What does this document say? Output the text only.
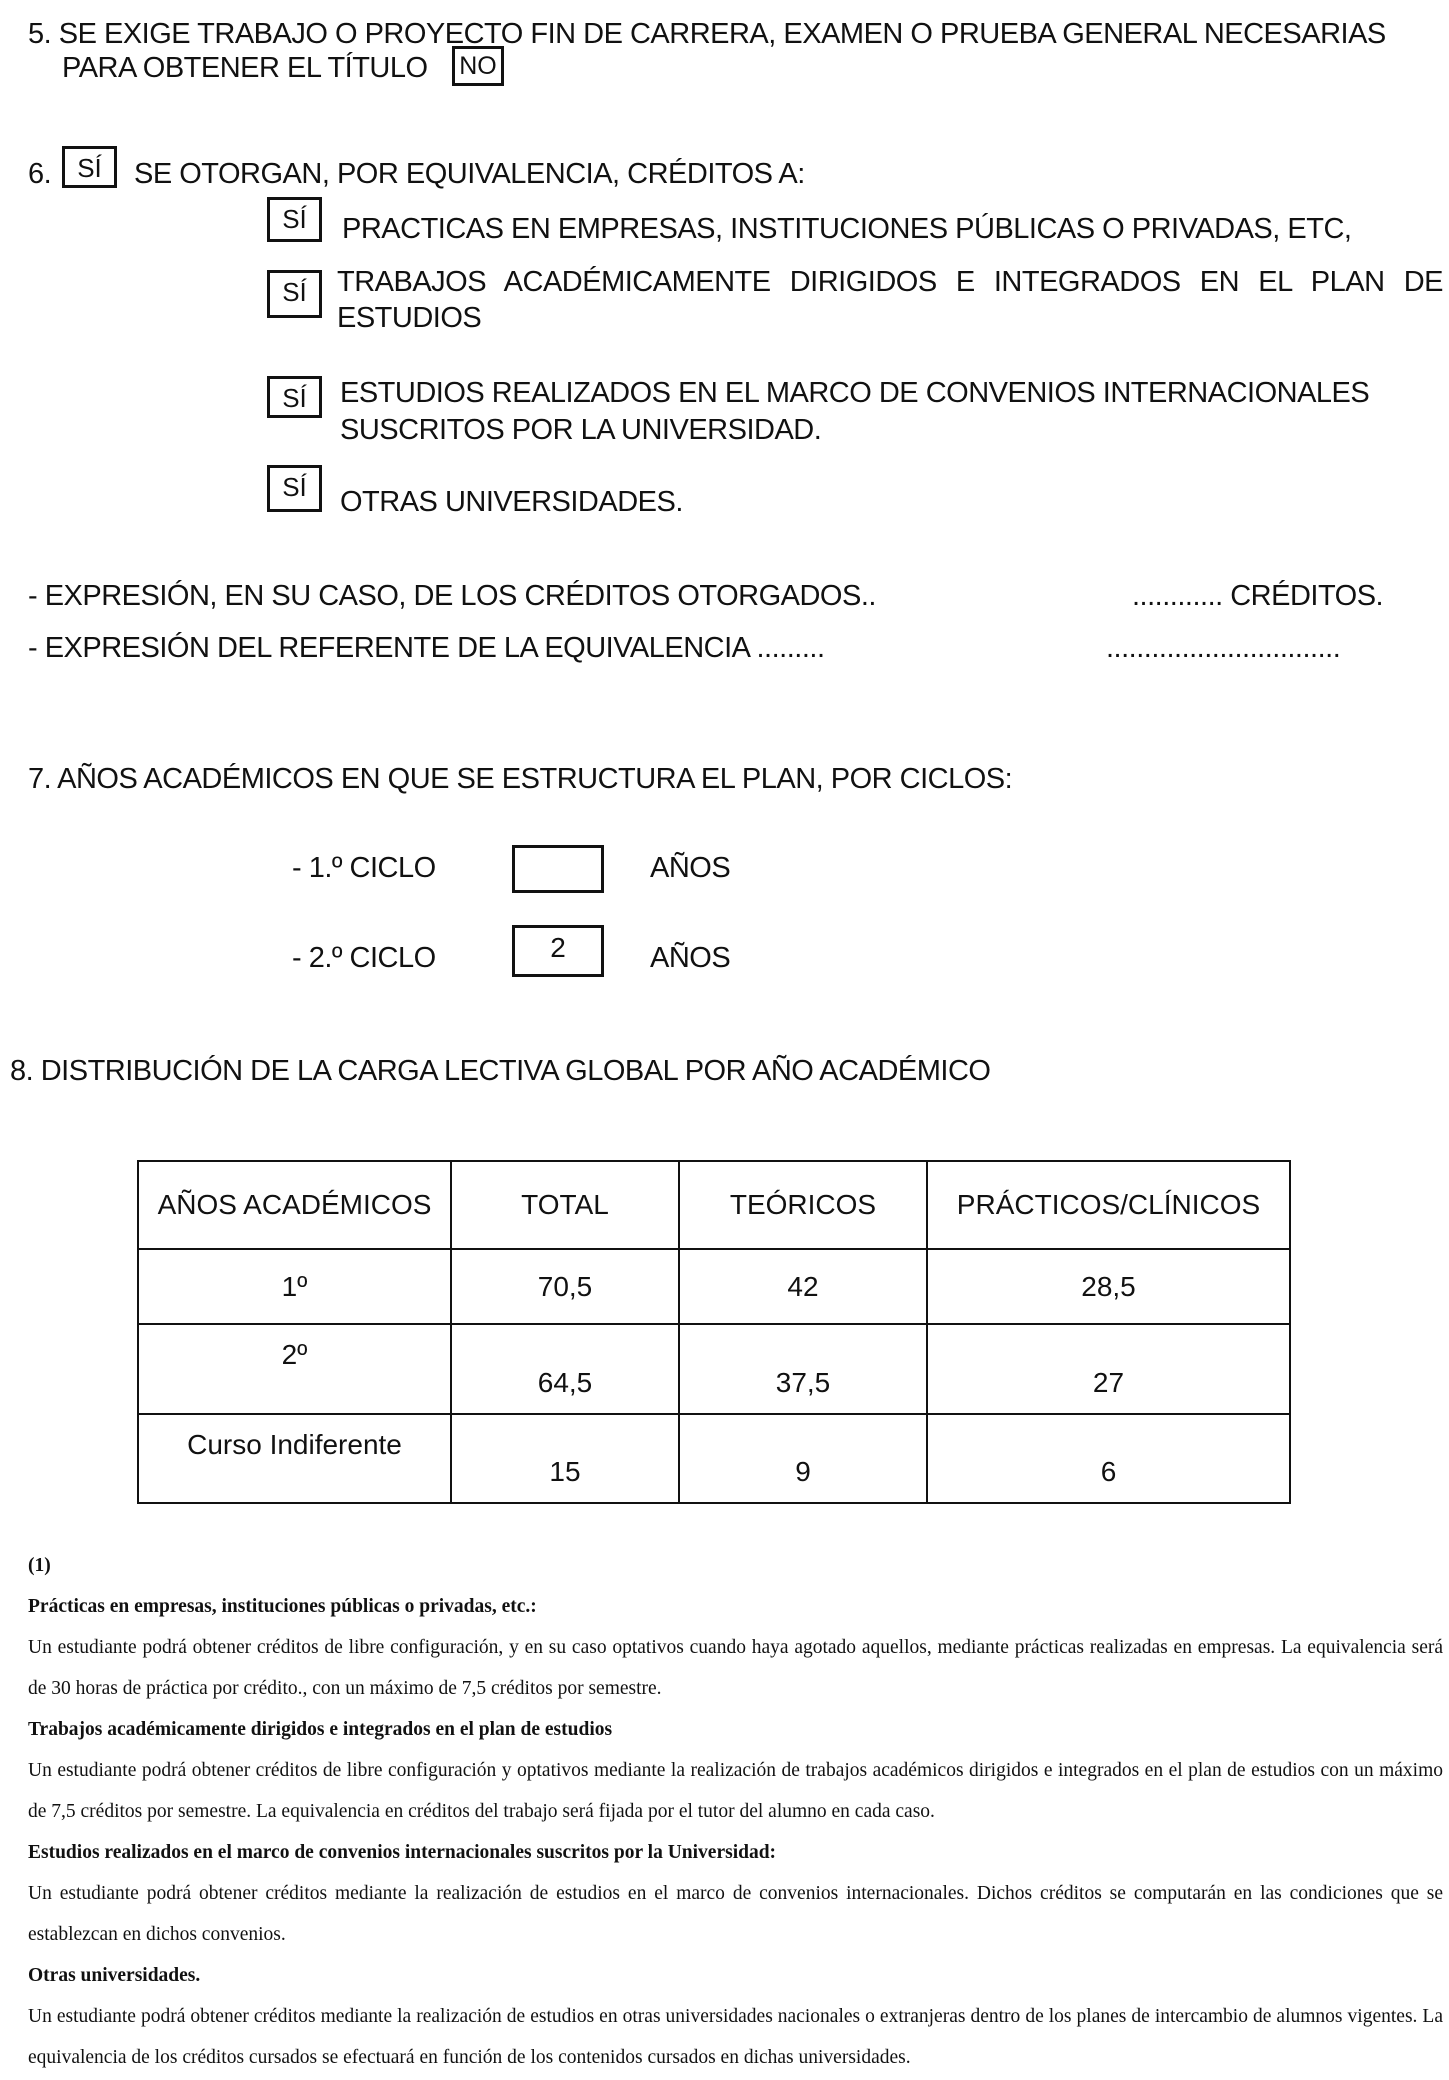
5. SE EXIGE TRABAJO O PROYECTO FIN DE CARRERA, EXAMEN O PRUEBA GENERAL NECESARIAS
PARA OBTENER EL TÍTULO NO
6.	SÍ	SE OTORGAN, POR EQUIVALENCIA, CRÉDITOS A:
SÍ	PRACTICAS EN EMPRESAS, INSTITUCIONES PÚBLICAS O PRIVADAS, ETC,
SÍ	TRABAJOS ACADÉMICAMENTE DIRIGIDOS E INTEGRADOS EN EL PLAN DE
ESTUDIOS
SÍ	ESTUDIOS REALIZADOS EN EL MARCO DE CONVENIOS INTERNACIONALES
SUSCRITOS POR LA UNIVERSIDAD.
SÍ	OTRAS UNIVERSIDADES.
- EXPRESIÓN, EN SU CASO, DE LOS CRÉDITOS OTORGADOS..	............ CRÉDITOS.
- EXPRESIÓN DEL REFERENTE DE LA EQUIVALENCIA .........	...............................
7. AÑOS ACADÉMICOS EN QUE SE ESTRUCTURA EL PLAN, POR CICLOS:
- 1.º CICLO	AÑOS
- 2.º CICLO	2	AÑOS
8. DISTRIBUCIÓN DE LA CARGA LECTIVA GLOBAL POR AÑO ACADÉMICO
AÑOS ACADÉMICOS	TOTAL	TEÓRICOS	PRÁCTICOS/CLÍNICOS
1º	70,5	42	28,5
2º	64,5	37,5	27
Curso Indiferente	15	9	6

(1)

Prácticas en empresas, instituciones públicas o privadas, etc.:

Un estudiante podrá obtener créditos de libre configuración, y en su caso optativos cuando haya agotado aquellos, mediante prácticas realizadas en empresas. La equivalencia será de 30 horas de práctica por crédito., con un máximo de 7,5 créditos por semestre.

Trabajos académicamente dirigidos e integrados en el plan de estudios

Un estudiante podrá obtener créditos de libre configuración y optativos mediante la realización de trabajos académicos dirigidos e integrados en el plan de estudios con un máximo de 7,5 créditos por semestre. La equivalencia en créditos del trabajo será fijada por el tutor del alumno en cada caso.

Estudios realizados en el marco de convenios internacionales suscritos por la Universidad:

Un estudiante podrá obtener créditos mediante la realización de estudios en el marco de convenios internacionales. Dichos créditos se computarán en las condiciones que se establezcan en dichos convenios.

Otras universidades.

Un estudiante podrá obtener créditos mediante la realización de estudios en otras universidades nacionales o extranjeras dentro de los planes de intercambio de alumnos vigentes. La equivalencia de los créditos cursados se efectuará en función de los contenidos cursados en dichas universidades.
